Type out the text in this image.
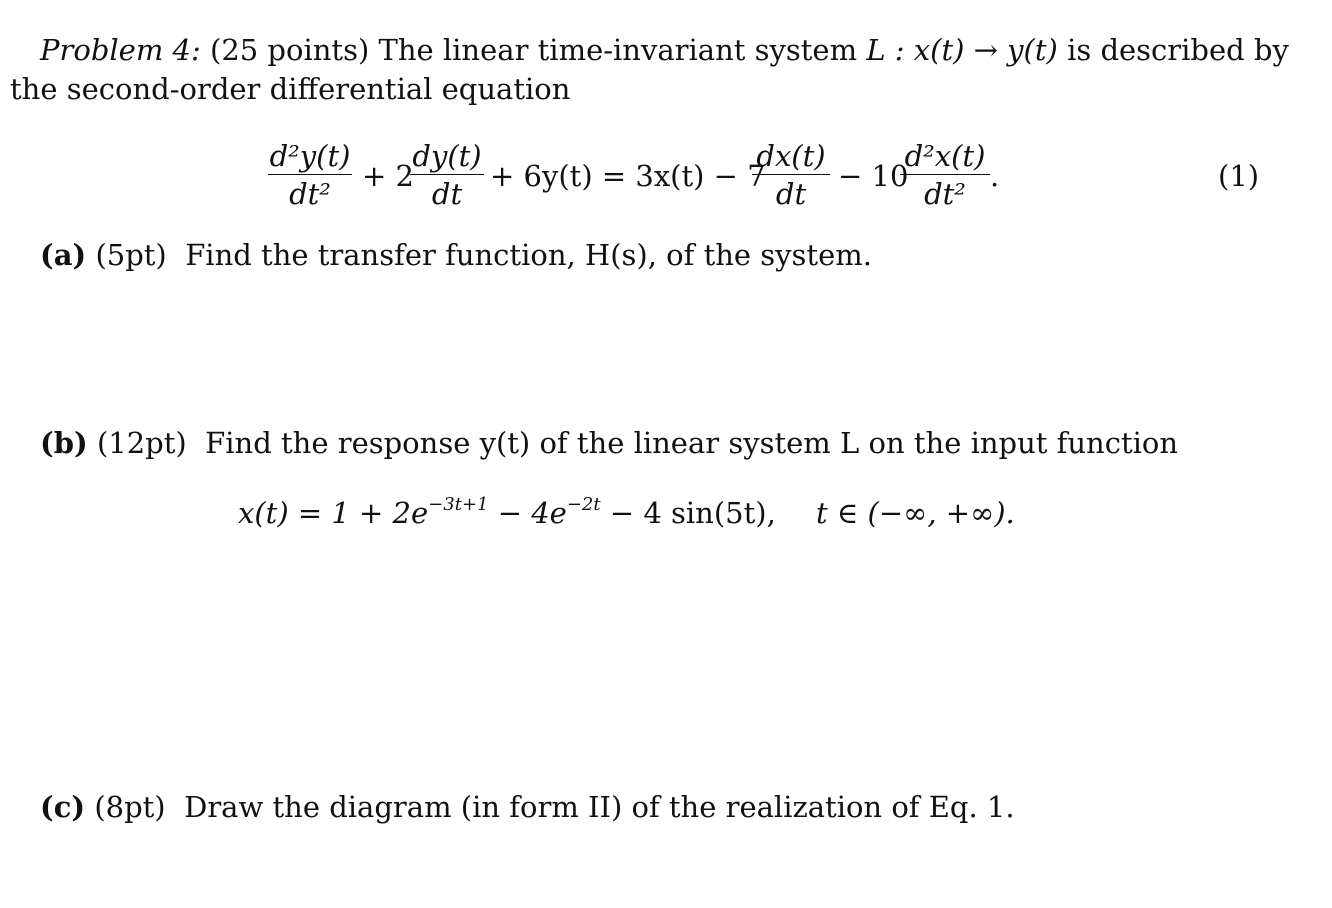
Problem 4: (25 points) The linear time-invariant system L : x(t) → y(t) is described by
the second-order differential equation
d²y(t)
dt²
+ 2
dy(t)
dt
+ 6y(t) = 3x(t) − 7
dx(t)
dt
− 10
d²x(t)
dt²
.	(1)
(a) (5pt) Find the transfer function, H(s), of the system.
(b) (12pt) Find the response y(t) of the linear system L on the input function
$x(t) = 1 + 2e^{-3t+1} - 4e^{-2t} - 4$ sin(5t), t ∈ (−∞, +∞).
(c) (8pt) Draw the diagram (in form II) of the realization of Eq. 1.
